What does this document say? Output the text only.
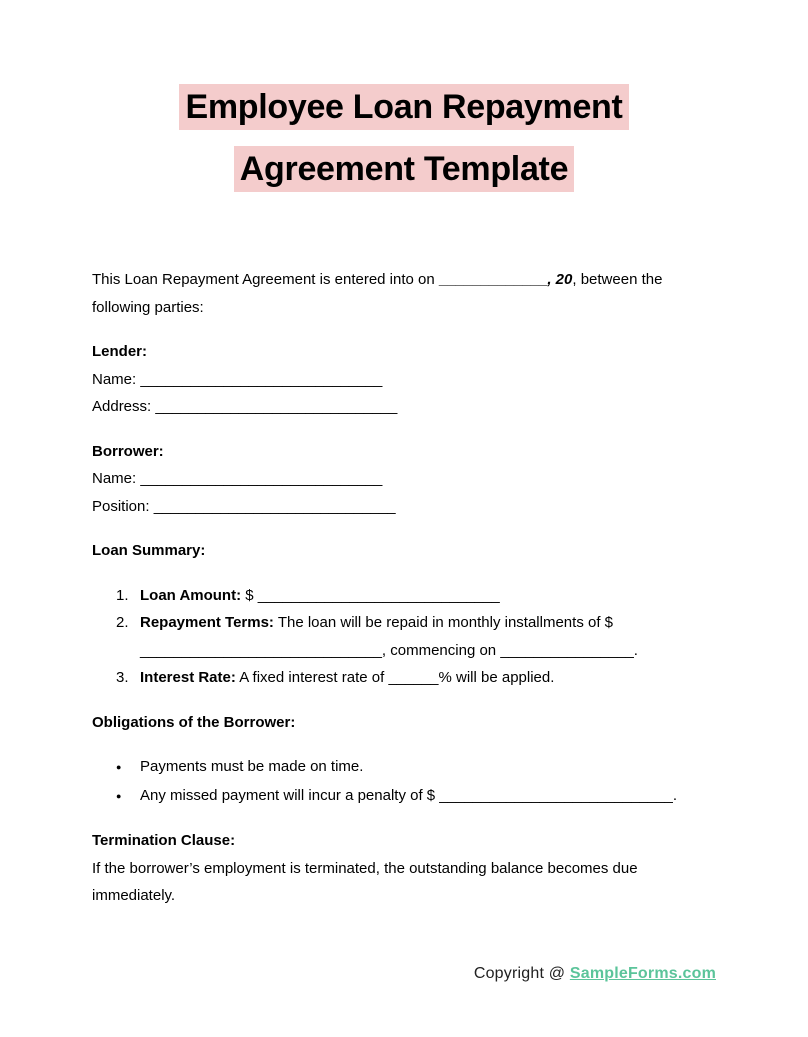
Employee Loan Repayment
Agreement Template

This Loan Repayment Agreement is entered into on _____________, 20, between the following parties:

Lender:
Name: _____________________________
Address: _____________________________
Borrower:
Name: _____________________________
Position: _____________________________
Loan Summary:
1. Loan Amount: $ _____________________________
2. Repayment Terms: The loan will be repaid in monthly installments of $ _____________________________, commencing on ________________.
3. Interest Rate: A fixed interest rate of ______% will be applied.
Obligations of the Borrower:
●	Payments must be made on time.
●	Any missed payment will incur a penalty of $ ____________________________.
Termination Clause:
If the borrower’s employment is terminated, the outstanding balance becomes due immediately.
Copyright @ SampleForms.com
